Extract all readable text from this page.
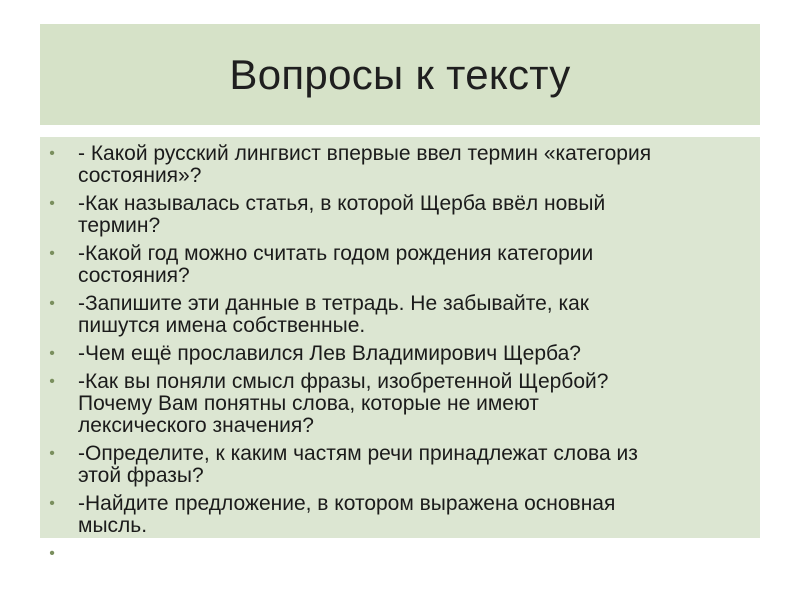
Вопросы к тексту
• - Какой русский лингвист впервые ввел термин «категория
состояния»?
• -Как называлась статья, в которой Щерба ввёл новый
термин?
• -Какой год можно считать годом рождения категории
состояния?
• -Запишите эти данные в тетрадь. Не забывайте, как
пишутся имена собственные.
• -Чем ещё прославился Лев Владимирович Щерба?
• -Как вы поняли смысл фразы, изобретенной Щербой?
Почему Вам понятны слова, которые не имеют
лексического значения?
• -Определите, к каким частям речи принадлежат слова из
этой фразы?
• -Найдите предложение, в котором выражена основная
мысль.
•
